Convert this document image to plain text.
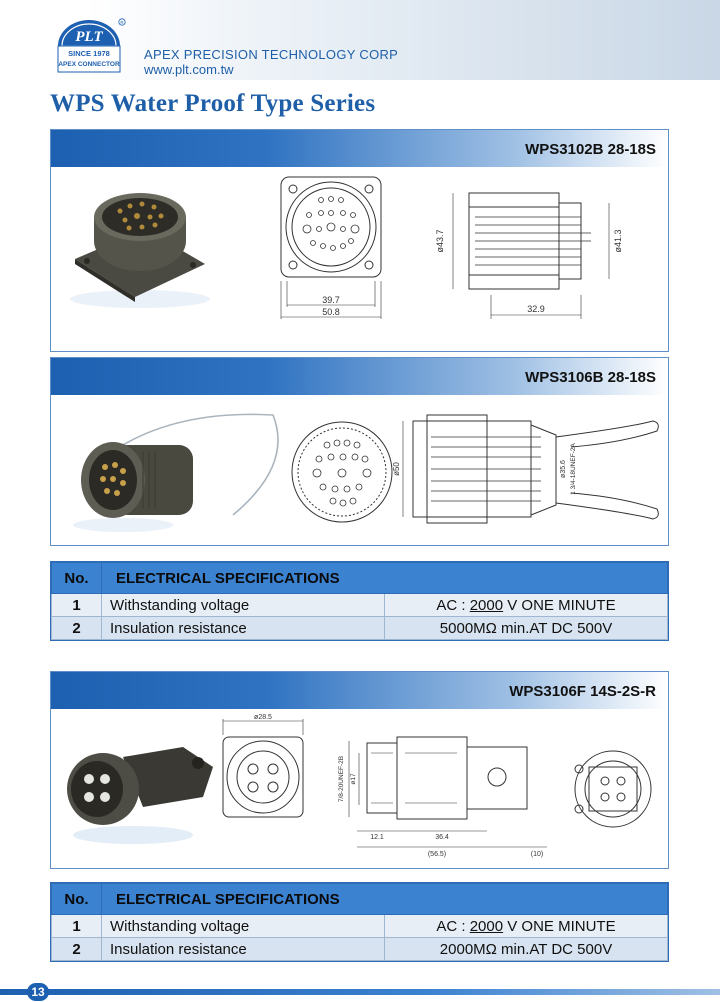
PLT
SINCE 1978
APEX CONNECTOR
R
APEX PRECISION TECHNOLOGY CORP
www.plt.com.tw
WPS Water Proof Type Series
WPS3102B 28-18S
39.7
50.8
ø43.7	ø41.3
32.9
WPS3106B 28-18S
ø50	ø35.6 1 3/4-18UNEF-2A
No.	ELECTRICAL SPECIFICATIONS	
1	Withstanding voltage	AC : 2000 V ONE MINUTE
2	Insulation resistance	5000MΩ min.AT DC 500V
WPS3106F 14S-2S-R
ø28.5
7/8-20UNEF-2B ø17
12.1	36.4
(56.5)	(10)
No.	ELECTRICAL SPECIFICATIONS	
1	Withstanding voltage	AC : 2000 V ONE MINUTE
2	Insulation resistance	2000MΩ min.AT DC 500V
13
